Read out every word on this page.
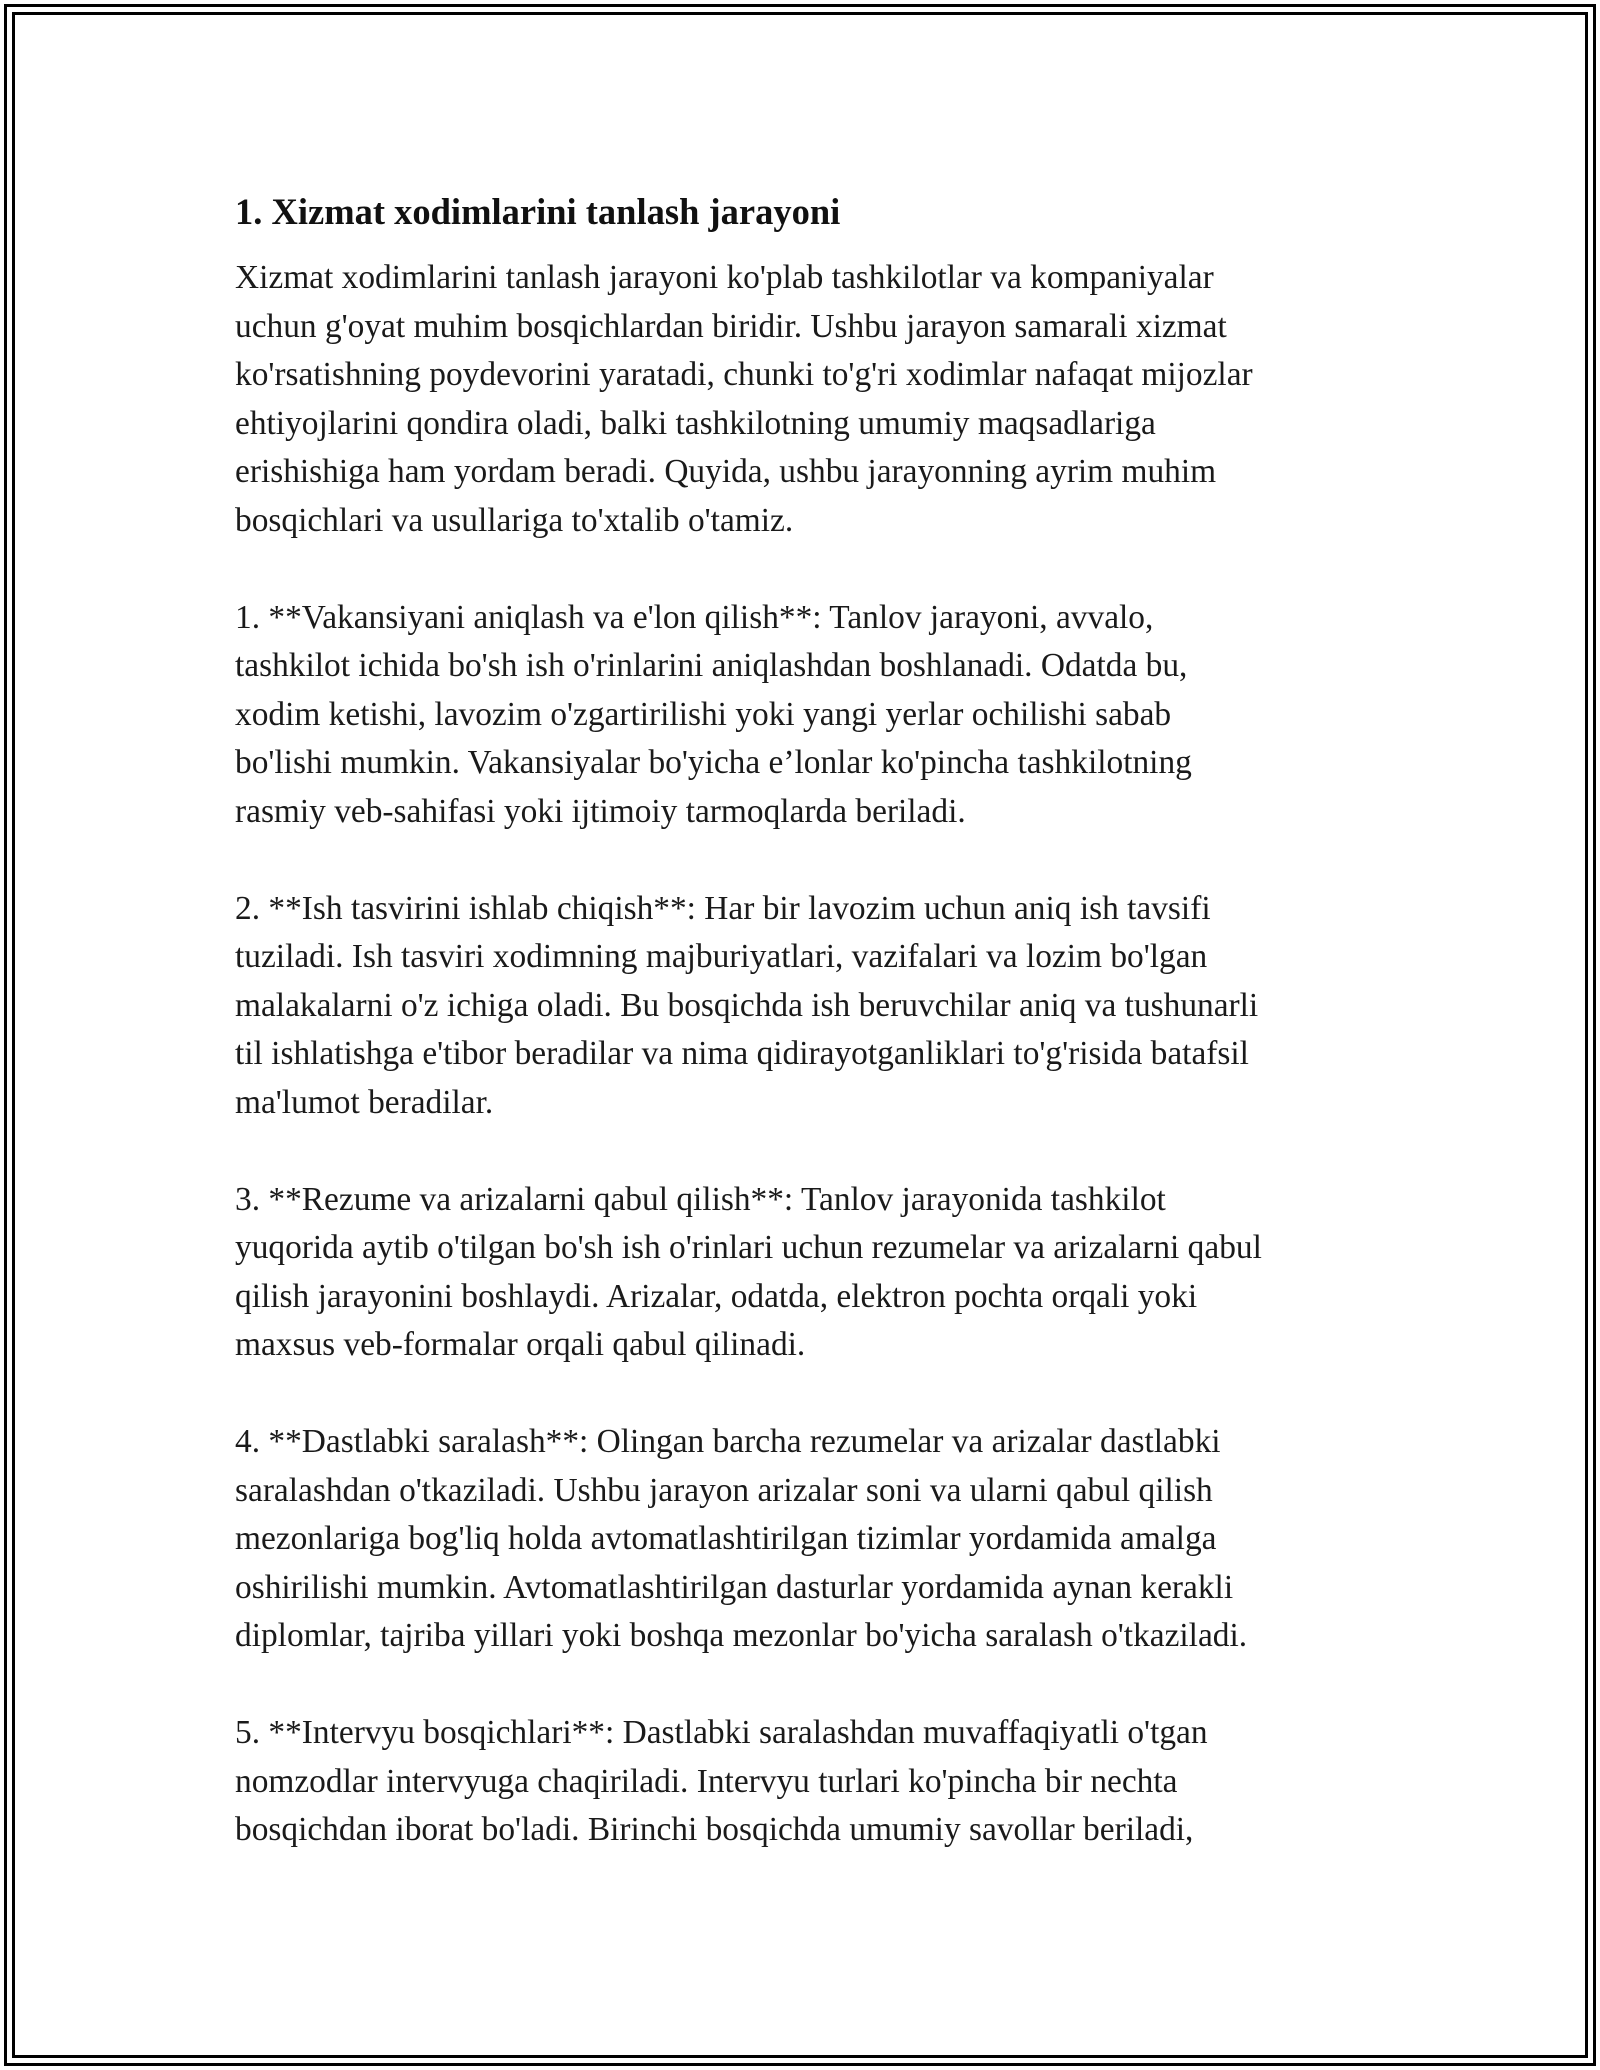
1. Xizmat xodimlarini tanlash jarayoni

Xizmat xodimlarini tanlash jarayoni ko'plab tashkilotlar va kompaniyalar
uchun g'oyat muhim bosqichlardan biridir. Ushbu jarayon samarali xizmat
ko'rsatishning poydevorini yaratadi, chunki to'g'ri xodimlar nafaqat mijozlar
ehtiyojlarini qondira oladi, balki tashkilotning umumiy maqsadlariga
erishishiga ham yordam beradi. Quyida, ushbu jarayonning ayrim muhim
bosqichlari va usullariga to'xtalib o'tamiz.

1. **Vakansiyani aniqlash va e'lon qilish**: Tanlov jarayoni, avvalo,
tashkilot ichida bo'sh ish o'rinlarini aniqlashdan boshlanadi. Odatda bu,
xodim ketishi, lavozim o'zgartirilishi yoki yangi yerlar ochilishi sabab
bo'lishi mumkin. Vakansiyalar bo'yicha e’lonlar ko'pincha tashkilotning
rasmiy veb-sahifasi yoki ijtimoiy tarmoqlarda beriladi.

2. **Ish tasvirini ishlab chiqish**: Har bir lavozim uchun aniq ish tavsifi
tuziladi. Ish tasviri xodimning majburiyatlari, vazifalari va lozim bo'lgan
malakalarni o'z ichiga oladi. Bu bosqichda ish beruvchilar aniq va tushunarli
til ishlatishga e'tibor beradilar va nima qidirayotganliklari to'g'risida batafsil
ma'lumot beradilar.

3. **Rezume va arizalarni qabul qilish**: Tanlov jarayonida tashkilot
yuqorida aytib o'tilgan bo'sh ish o'rinlari uchun rezumelar va arizalarni qabul
qilish jarayonini boshlaydi. Arizalar, odatda, elektron pochta orqali yoki
maxsus veb-formalar orqali qabul qilinadi.

4. **Dastlabki saralash**: Olingan barcha rezumelar va arizalar dastlabki
saralashdan o'tkaziladi. Ushbu jarayon arizalar soni va ularni qabul qilish
mezonlariga bog'liq holda avtomatlashtirilgan tizimlar yordamida amalga
oshirilishi mumkin. Avtomatlashtirilgan dasturlar yordamida aynan kerakli
diplomlar, tajriba yillari yoki boshqa mezonlar bo'yicha saralash o'tkaziladi.

5. **Intervyu bosqichlari**: Dastlabki saralashdan muvaffaqiyatli o'tgan
nomzodlar intervyuga chaqiriladi. Intervyu turlari ko'pincha bir nechta
bosqichdan iborat bo'ladi. Birinchi bosqichda umumiy savollar beriladi,
